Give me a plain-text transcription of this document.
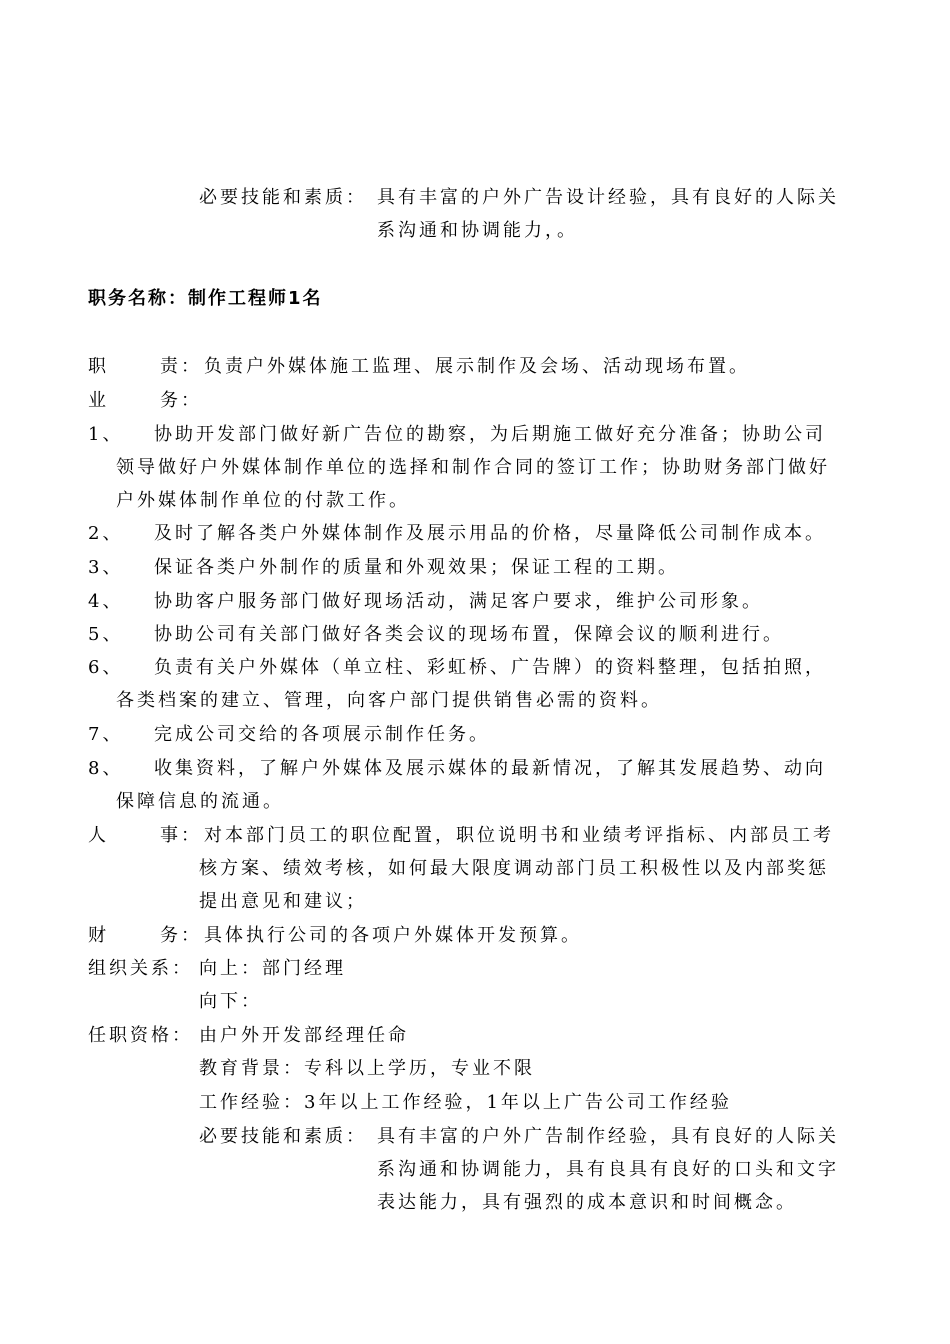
必要技能和素质： 具有丰富的户外广告设计经验，具有良好的人际关
系沟通和协调能力，。
职务名称：制作工程师1名
职	责： 负责户外媒体施工监理、展示制作及会场、活动现场布置。
业	务：
1、 协助开发部门做好新广告位的勘察，为后期施工做好充分准备；协助公司
领导做好户外媒体制作单位的选择和制作合同的签订工作；协助财务部门做好
户外媒体制作单位的付款工作。
2、 及时了解各类户外媒体制作及展示用品的价格，尽量降低公司制作成本。
3、 保证各类户外制作的质量和外观效果；保证工程的工期。
4、 协助客户服务部门做好现场活动，满足客户要求，维护公司形象。
5、 协助公司有关部门做好各类会议的现场布置，保障会议的顺利进行。
6、 负责有关户外媒体（单立柱、彩虹桥、广告牌）的资料整理，包括拍照，
各类档案的建立、管理，向客户部门提供销售必需的资料。
7、 完成公司交给的各项展示制作任务。
8、 收集资料，了解户外媒体及展示媒体的最新情况，了解其发展趋势、动向
保障信息的流通。
人	事： 对本部门员工的职位配置，职位说明书和业绩考评指标、内部员工考
核方案、绩效考核，如何最大限度调动部门员工积极性以及内部奖惩
提出意见和建议；
财	务： 具体执行公司的各项户外媒体开发预算。
组织关系： 向上：部门经理
向下：
任职资格： 由户外开发部经理任命
教育背景：专科以上学历，专业不限
工作经验：3年以上工作经验，1年以上广告公司工作经验
必要技能和素质： 具有丰富的户外广告制作经验，具有良好的人际关
系沟通和协调能力，具有良具有良好的口头和文字
表达能力，具有强烈的成本意识和时间概念。
